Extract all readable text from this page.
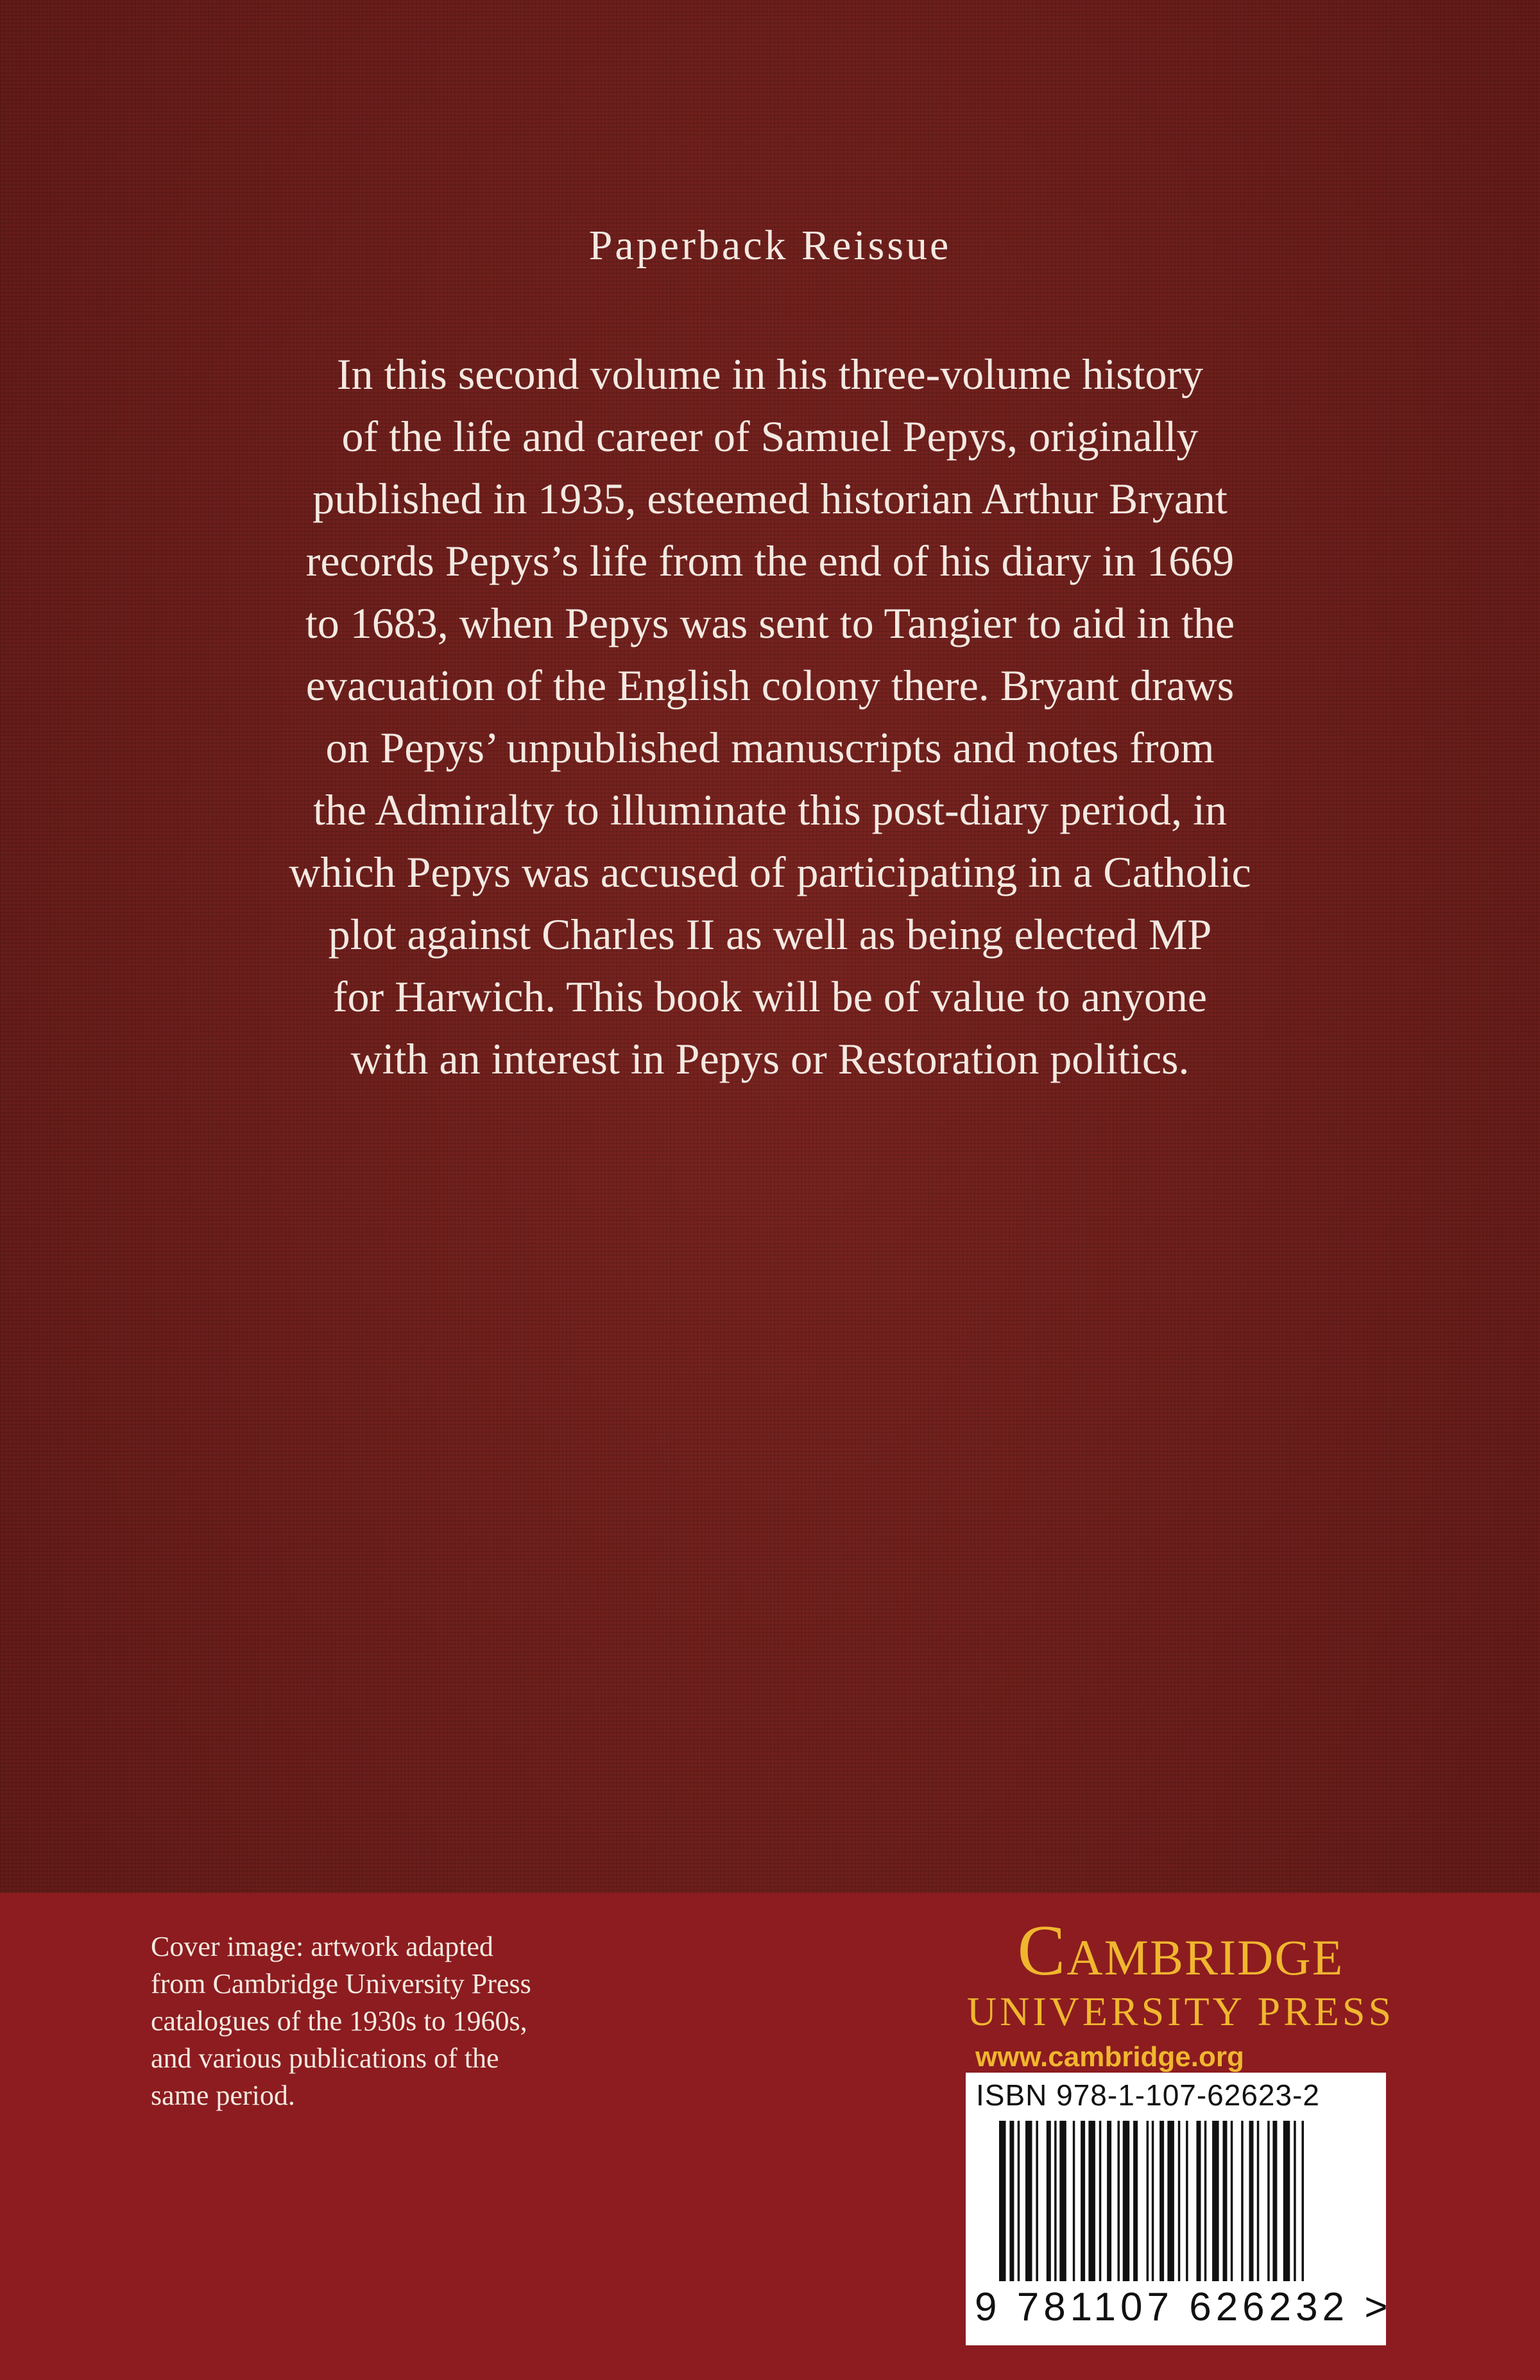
Paperback Reissue
In this second volume in his three-volume history
of the life and career of Samuel Pepys, originally
published in 1935, esteemed historian Arthur Bryant
records Pepys’s life from the end of his diary in 1669
to 1683, when Pepys was sent to Tangier to aid in the
evacuation of the English colony there. Bryant draws
on Pepys’ unpublished manuscripts and notes from
the Admiralty to illuminate this post-diary period, in
which Pepys was accused of participating in a Catholic
plot against Charles II as well as being elected MP
for Harwich. This book will be of value to anyone
with an interest in Pepys or Restoration politics.
Cover image: artwork adapted
from Cambridge University Press
catalogues of the 1930s to 1960s,
and various publications of the
same period.
Cambridge
UNIVERSITY PRESS
www.cambridge.org
ISBN 978-1-107-62623-2
9 781107 626232 >
